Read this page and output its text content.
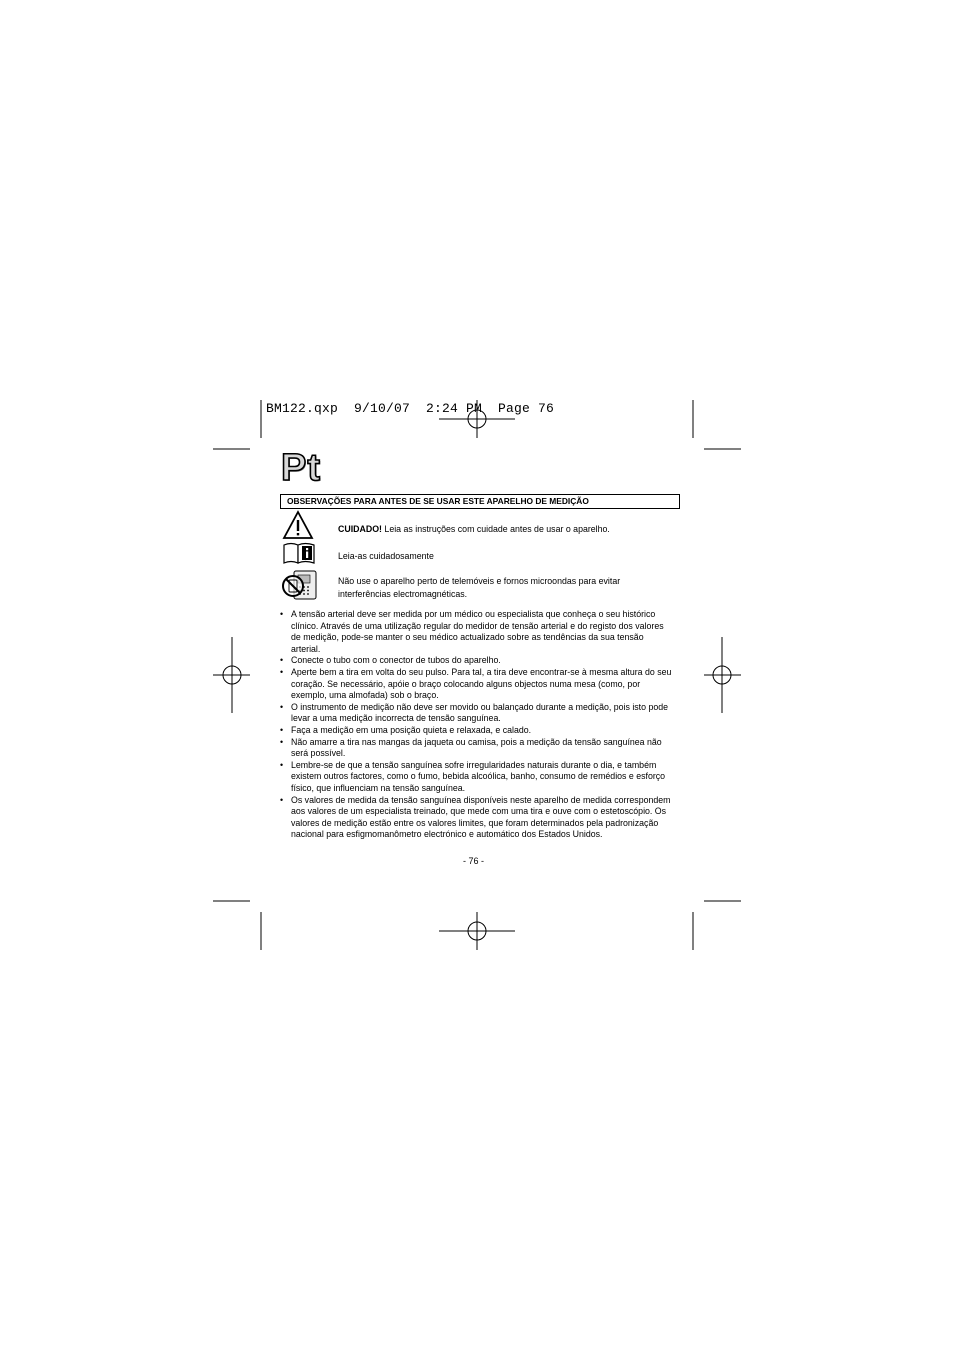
BM122.qxp  9/10/07  2:24 PM  Page 76
Pt
OBSERVAÇÕES PARA ANTES DE SE USAR ESTE APARELHO DE MEDIÇÃO
CUIDADO! Leia as instruções com cuidade antes de usar o aparelho.
Leia-as cuidadosamente
Não use o aparelho perto de telemóveis e fornos microondas para evitar interferências electromagnéticas.
• A tensão arterial deve ser medida por um médico ou especialista que conheça o seu histórico clínico. Através de uma utilização regular do medidor de tensão arterial e do registo dos valores de medição, pode-se manter o seu médico actualizado sobre as tendências da sua tensão arterial.
• Conecte o tubo com o conector de tubos do aparelho.
• Aperte bem a tira em volta do seu pulso. Para tal, a tira deve encontrar-se à mesma altura do seu coração. Se necessário, apóie o braço colocando alguns objectos numa mesa (como, por exemplo, uma almofada) sob o braço.
• O instrumento de medição não deve ser movido ou balançado durante a medição, pois isto pode levar a uma medição incorrecta de tensão sanguínea.
• Faça a medição em uma posição quieta e relaxada, e calado.
• Não amarre a tira nas mangas da jaqueta ou camisa, pois a medição da tensão sanguínea não será possível.
• Lembre-se de que a tensão sanguínea sofre irregularidades naturais durante o dia, e também existem outros factores, como o fumo, bebida alcoólica, banho, consumo de remédios e esforço físico, que influenciam na tensão sanguínea.
• Os valores de medida da tensão sanguínea disponíveis neste aparelho de medida correspondem aos valores de um especialista treinado, que mede com uma tira e ouve com o estetoscópio. Os valores de medição estão entre os valores limites, que foram determinados pela padronização nacional para esfigmomanômetro electrónico e automático dos Estados Unidos.
- 76 -
